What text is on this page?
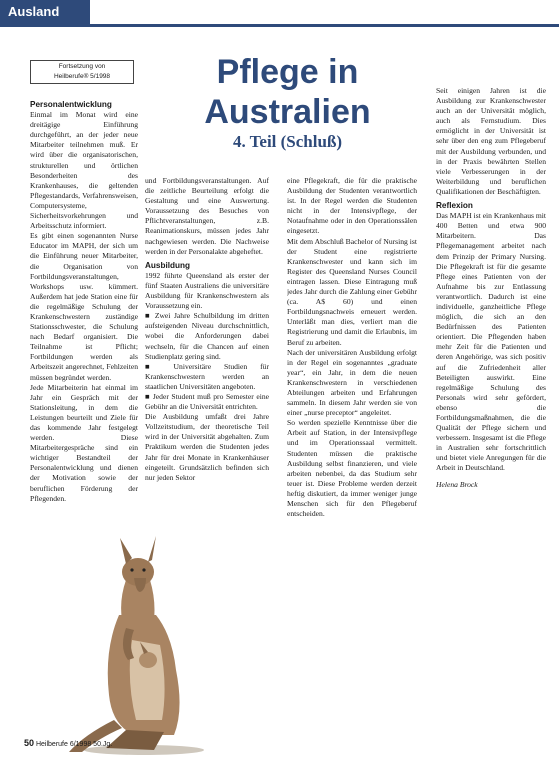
Ausland
Fortsetzung von
Heilberufe® 5/1998	Pflege in
Australien
4. Teil (Schluß)

Personalentwicklung

Einmal im Monat wird eine dreitägige Einführung durchgeführt, an der jeder neue Mitarbeiter teilnehmen muß. Er wird über die organisatorischen, strukturellen und örtlichen Besonderheiten des Krankenhauses, die geltenden Pflegestandards, Verfahrensweisen, Computersysteme, Sicherheitsvorkehrungen und Arbeitsschutz informiert.

Es gibt einen sogenannten Nurse Educator im MAPH, der sich um die Einführung neuer Mitarbeiter, die Organisation von Fortbildungsveranstaltungen, Workshops usw. kümmert. Außerdem hat jede Station eine für die regelmäßige Schulung der Krankenschwestern zuständige Stationsschwester, die Schulung nach Bedarf organisiert. Die Teilnahme ist Pflicht; Fortbildungen werden als Arbeitszeit angerechnet, Fehlzeiten müssen begründet werden.

Jede Mitarbeiterin hat einmal im Jahr ein Gespräch mit der Stationsleitung, in dem die Leistungen beurteilt und Ziele für das kommende Jahr festgelegt werden. Diese Mitarbeitergespräche sind ein wichtiger Bestandteil der Personalentwicklung und dienen der Motivation sowie der beruflichen Förderung der Pflegenden.

und Fortbildungsveranstaltungen. Auf die zeitliche Beurteilung erfolgt die Gestaltung und eine Auswertung. Voraussetzung des Besuches von Pflichtveranstaltungen, z.B. Reanimationskurs, müssen jedes Jahr nachgewiesen werden. Die Nachweise werden in der Personalakte abgeheftet.

Ausbildung

1992 führte Queensland als erster der fünf Staaten Australiens die universitäre Ausbildung für Krankenschwestern als Voraussetzung ein.

■ Zwei Jahre Schulbildung im dritten aufsteigenden Niveau durchschnittlich, wobei die Anforderungen dabei wechseln, für die Chancen auf einen Studienplatz gering sind.

■ Universitäre Studien für Krankenschwestern werden an staatlichen Universitäten angeboten.

■ Jeder Student muß pro Semester eine Gebühr an die Universität entrichten.

Die Ausbildung umfaßt drei Jahre Vollzeitstudium, der theoretische Teil wird in der Universität abgehalten. Zum Praktikum werden die Studenten jedes Jahr für drei Monate in Krankenhäuser eingeteilt. Grundsätzlich befinden sich nur jeden Sektor

eine Pflegekraft, die für die praktische Ausbildung der Studenten verantwortlich ist. In der Regel werden die Studenten nicht in der Intensivpflege, der Notaufnahme oder in den Operationssälen eingesetzt.

Mit dem Abschluß Bachelor of Nursing ist der Student eine registrierte Krankenschwester und kann sich im Register des Queensland Nurses Council eintragen lassen. Diese Eintragung muß jedes Jahr durch die Zahlung einer Gebühr (ca. A$ 60) und einen Fortbildungsnachweis erneuert werden. Unterläßt man dies, verliert man die Registrierung und damit die Erlaubnis, im Beruf zu arbeiten.

Nach der universitären Ausbildung erfolgt in der Regel ein sogenanntes „graduate year“, ein Jahr, in dem die neuen Krankenschwestern in verschiedenen Abteilungen arbeiten und Erfahrungen sammeln. In diesem Jahr werden sie von einer „nurse preceptor“ angeleitet.

So werden spezielle Kenntnisse über die Arbeit auf Station, in der Intensivpflege und im Operationssaal vermittelt. Studenten müssen die praktische Ausbildung selbst finanzieren, und viele arbeiten nebenbei, da das Studium sehr teuer ist. Diese Probleme werden derzeit heftig diskutiert, da immer weniger junge Menschen sich für den Pflegeberuf entscheiden.

Seit einigen Jahren ist die Ausbildung zur Krankenschwester auch an der Universität möglich, auch als Fernstudium. Dies ermöglicht in der Universität ist sehr über den eng zum Pflegeberuf mit der Ausbildung verbunden, und in der Praxis bewährten Stellen viele Verbesserungen in der Weiterbildung und beruflichen Qualifikationen der Beschäftigten.

Reflexion

Das MAPH ist ein Krankenhaus mit 400 Betten und etwa 900 Mitarbeitern. Das Pflegemanagement arbeitet nach dem Prinzip der Primary Nursing. Die Pflegekraft ist für die gesamte Pflege eines Patienten von der Aufnahme bis zur Entlassung verantwortlich. Dadurch ist eine individuelle, ganzheitliche Pflege möglich, die sich an den Bedürfnissen des Patienten orientiert. Die Pflegenden haben mehr Zeit für die Patienten und deren Angehörige, was sich positiv auf die Zufriedenheit aller Beteiligten auswirkt. Eine regelmäßige Schulung des Personals wird sehr gefördert, ebenso die Fortbildungsmaßnahmen, die die Qualität der Pflege sichern und verbessern. Insgesamt ist die Pflege in Australien sehr fortschrittlich und bietet viele Anregungen für die Arbeit in Deutschland.

Helena Brock

50 Heilberufe 6/1998 50.Jg.
